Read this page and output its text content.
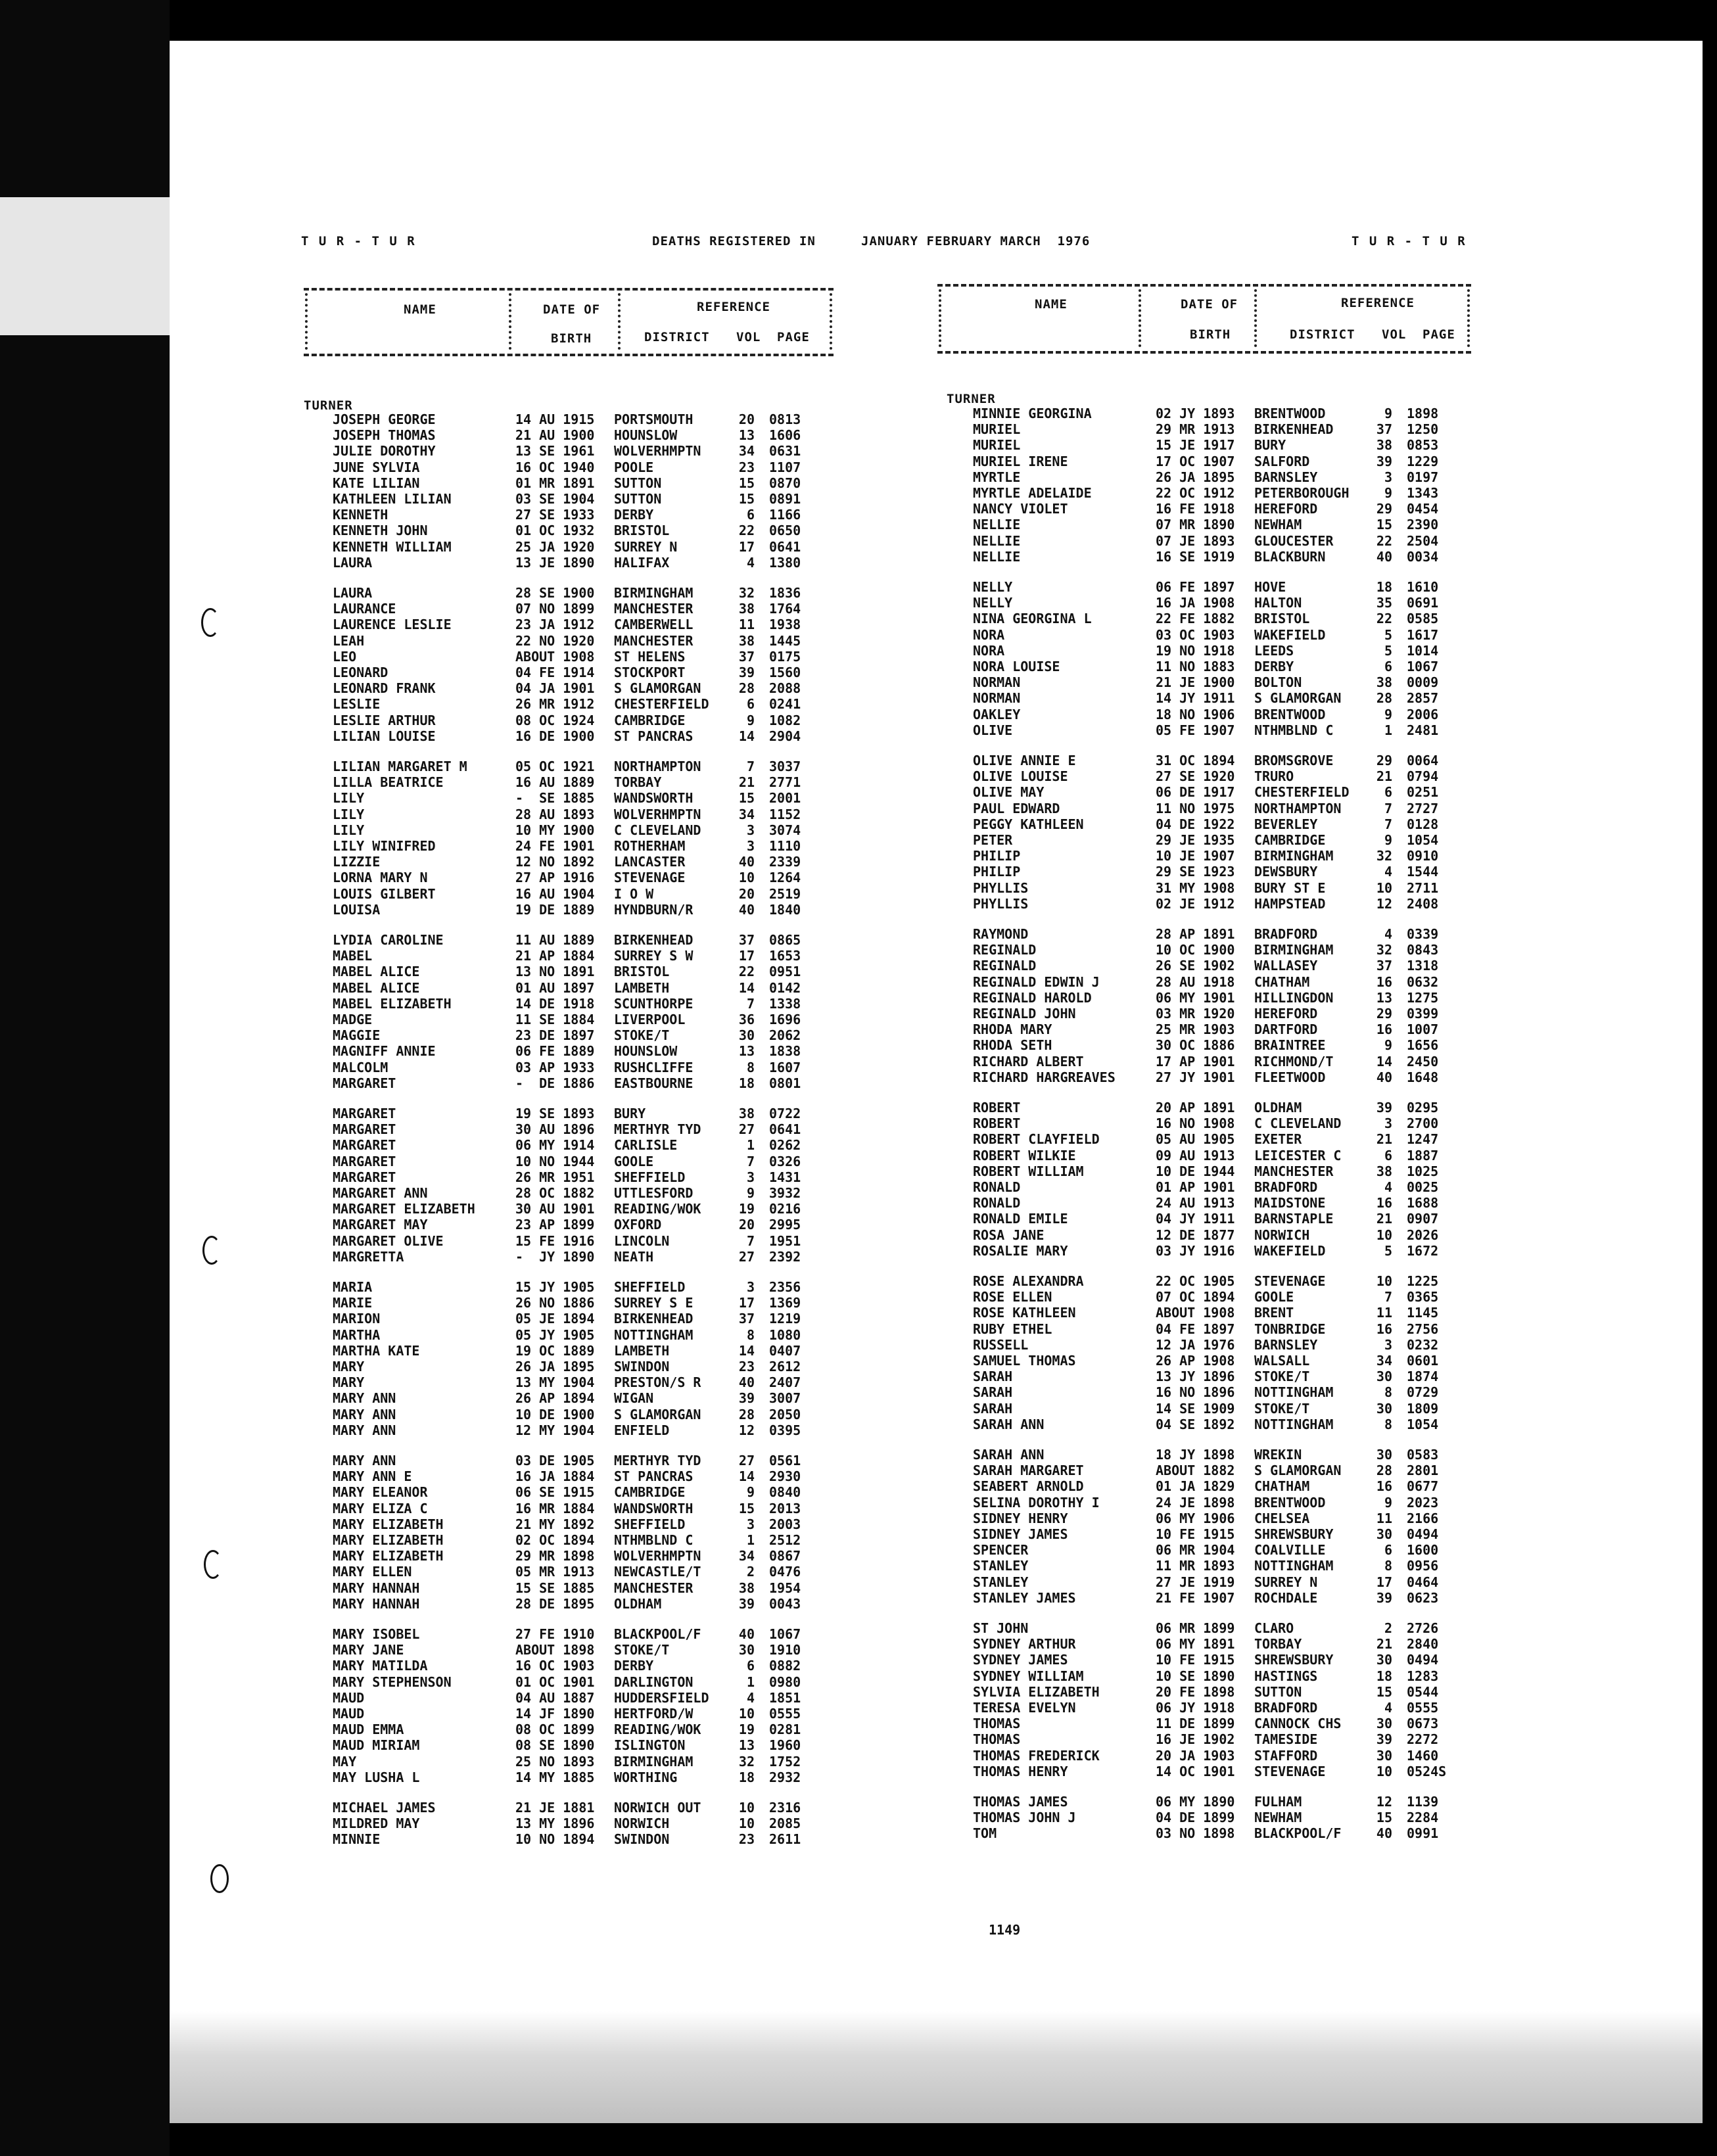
T U R - T U R	DEATHS REGISTERED IN	JANUARY FEBRUARY MARCH  1976	T U R - T U R
NAME	DATE OF
BIRTH
REFERENCE
DISTRICT VOL PAGE
NAME	DATE OF
BIRTH
REFERENCE
DISTRICT VOL PAGE
TURNER	TURNER
JOSEPH GEORGE	14 AU 1915 PORTSMOUTH	20 0813
JOSEPH THOMAS	21 AU 1900 HOUNSLOW	13 1606
JULIE DOROTHY	13 SE 1961 WOLVERHMPTN	34 0631
JUNE SYLVIA	16 OC 1940 POOLE	23 1107
KATE LILIAN	01 MR 1891 SUTTON	15 0870
KATHLEEN LILIAN	03 SE 1904 SUTTON	15 0891
KENNETH	27 SE 1933 DERBY	6 1166
KENNETH JOHN	01 OC 1932 BRISTOL	22 0650
KENNETH WILLIAM	25 JA 1920 SURREY N	17 0641
LAURA	13 JE 1890 HALIFAX	4 1380
LAURA	28 SE 1900 BIRMINGHAM	32 1836
LAURANCE	07 NO 1899 MANCHESTER	38 1764
LAURENCE LESLIE	23 JA 1912 CAMBERWELL	11 1938
LEAH	22 NO 1920 MANCHESTER	38 1445
LEO	ABOUT 1908 ST HELENS	37 0175
LEONARD	04 FE 1914 STOCKPORT	39 1560
LEONARD FRANK	04 JA 1901 S GLAMORGAN	28 2088
LESLIE	26 MR 1912 CHESTERFIELD	6 0241
LESLIE ARTHUR	08 OC 1924 CAMBRIDGE	9 1082
LILIAN LOUISE	16 DE 1900 ST PANCRAS	14 2904
LILIAN MARGARET M	05 OC 1921 NORTHAMPTON	7 3037
LILLA BEATRICE	16 AU 1889 TORBAY	21 2771
LILY	-  SE 1885 WANDSWORTH	15 2001
LILY	28 AU 1893 WOLVERHMPTN	34 1152
LILY	10 MY 1900 C CLEVELAND	3 3074
LILY WINIFRED	24 FE 1901 ROTHERHAM	3 1110
LIZZIE	12 NO 1892 LANCASTER	40 2339
LORNA MARY N	27 AP 1916 STEVENAGE	10 1264
LOUIS GILBERT	16 AU 1904 I O W	20 2519
LOUISA	19 DE 1889 HYNDBURN/R	40 1840
LYDIA CAROLINE	11 AU 1889 BIRKENHEAD	37 0865
MABEL	21 AP 1884 SURREY S W	17 1653
MABEL ALICE	13 NO 1891 BRISTOL	22 0951
MABEL ALICE	01 AU 1897 LAMBETH	14 0142
MABEL ELIZABETH	14 DE 1918 SCUNTHORPE	7 1338
MADGE	11 SE 1884 LIVERPOOL	36 1696
MAGGIE	23 DE 1897 STOKE/T	30 2062
MAGNIFF ANNIE	06 FE 1889 HOUNSLOW	13 1838
MALCOLM	03 AP 1933 RUSHCLIFFE	8 1607
MARGARET	-  DE 1886 EASTBOURNE	18 0801
MARGARET	19 SE 1893 BURY	38 0722
MARGARET	30 AU 1896 MERTHYR TYD	27 0641
MARGARET	06 MY 1914 CARLISLE	1 0262
MARGARET	10 NO 1944 GOOLE	7 0326
MARGARET	26 MR 1951 SHEFFIELD	3 1431
MARGARET ANN	28 OC 1882 UTTLESFORD	9 3932
MARGARET ELIZABETH	30 AU 1901 READING/WOK	19 0216
MARGARET MAY	23 AP 1899 OXFORD	20 2995
MARGARET OLIVE	15 FE 1916 LINCOLN	7 1951
MARGRETTA	-  JY 1890 NEATH	27 2392
MARIA	15 JY 1905 SHEFFIELD	3 2356
MARIE	26 NO 1886 SURREY S E	17 1369
MARION	05 JE 1894 BIRKENHEAD	37 1219
MARTHA	05 JY 1905 NOTTINGHAM	8 1080
MARTHA KATE	19 OC 1889 LAMBETH	14 0407
MARY	26 JA 1895 SWINDON	23 2612
MARY	13 MY 1904 PRESTON/S R	40 2407
MARY ANN	26 AP 1894 WIGAN	39 3007
MARY ANN	10 DE 1900 S GLAMORGAN	28 2050
MARY ANN	12 MY 1904 ENFIELD	12 0395
MARY ANN	03 DE 1905 MERTHYR TYD	27 0561
MARY ANN E	16 JA 1884 ST PANCRAS	14 2930
MARY ELEANOR	06 SE 1915 CAMBRIDGE	9 0840
MARY ELIZA C	16 MR 1884 WANDSWORTH	15 2013
MARY ELIZABETH	21 MY 1892 SHEFFIELD	3 2003
MARY ELIZABETH	02 OC 1894 NTHMBLND C	1 2512
MARY ELIZABETH	29 MR 1898 WOLVERHMPTN	34 0867
MARY ELLEN	05 MR 1913 NEWCASTLE/T	2 0476
MARY HANNAH	15 SE 1885 MANCHESTER	38 1954
MARY HANNAH	28 DE 1895 OLDHAM	39 0043
MARY ISOBEL	27 FE 1910 BLACKPOOL/F	40 1067
MARY JANE	ABOUT 1898 STOKE/T	30 1910
MARY MATILDA	16 OC 1903 DERBY	6 0882
MARY STEPHENSON	01 OC 1901 DARLINGTON	1 0980
MAUD	04 AU 1887 HUDDERSFIELD	4 1851
MAUD	14 JF 1890 HERTFORD/W	10 0555
MAUD EMMA	08 OC 1899 READING/WOK	19 0281
MAUD MIRIAM	08 SE 1890 ISLINGTON	13 1960
MAY	25 NO 1893 BIRMINGHAM	32 1752
MAY LUSHA L	14 MY 1885 WORTHING	18 2932
MICHAEL JAMES	21 JE 1881 NORWICH OUT	10 2316
MILDRED MAY	13 MY 1896 NORWICH	10 2085
MINNIE	10 NO 1894 SWINDON	23 2611
MINNIE GEORGINA	02 JY 1893 BRENTWOOD	9 1898
MURIEL	29 MR 1913 BIRKENHEAD	37 1250
MURIEL	15 JE 1917 BURY	38 0853
MURIEL IRENE	17 OC 1907 SALFORD	39 1229
MYRTLE	26 JA 1895 BARNSLEY	3 0197
MYRTLE ADELAIDE	22 OC 1912 PETERBOROUGH	9 1343
NANCY VIOLET	16 FE 1918 HEREFORD	29 0454
NELLIE	07 MR 1890 NEWHAM	15 2390
NELLIE	07 JE 1893 GLOUCESTER	22 2504
NELLIE	16 SE 1919 BLACKBURN	40 0034
NELLY	06 FE 1897 HOVE	18 1610
NELLY	16 JA 1908 HALTON	35 0691
NINA GEORGINA L	22 FE 1882 BRISTOL	22 0585
NORA	03 OC 1903 WAKEFIELD	5 1617
NORA	19 NO 1918 LEEDS	5 1014
NORA LOUISE	11 NO 1883 DERBY	6 1067
NORMAN	21 JE 1900 BOLTON	38 0009
NORMAN	14 JY 1911 S GLAMORGAN	28 2857
OAKLEY	18 NO 1906 BRENTWOOD	9 2006
OLIVE	05 FE 1907 NTHMBLND C	1 2481
OLIVE ANNIE E	31 OC 1894 BROMSGROVE	29 0064
OLIVE LOUISE	27 SE 1920 TRURO	21 0794
OLIVE MAY	06 DE 1917 CHESTERFIELD	6 0251
PAUL EDWARD	11 NO 1975 NORTHAMPTON	7 2727
PEGGY KATHLEEN	04 DE 1922 BEVERLEY	7 0128
PETER	29 JE 1935 CAMBRIDGE	9 1054
PHILIP	10 JE 1907 BIRMINGHAM	32 0910
PHILIP	29 SE 1923 DEWSBURY	4 1544
PHYLLIS	31 MY 1908 BURY ST E	10 2711
PHYLLIS	02 JE 1912 HAMPSTEAD	12 2408
RAYMOND	28 AP 1891 BRADFORD	4 0339
REGINALD	10 OC 1900 BIRMINGHAM	32 0843
REGINALD	26 SE 1902 WALLASEY	37 1318
REGINALD EDWIN J	28 AU 1918 CHATHAM	16 0632
REGINALD HAROLD	06 MY 1901 HILLINGDON	13 1275
REGINALD JOHN	03 MR 1920 HEREFORD	29 0399
RHODA MARY	25 MR 1903 DARTFORD	16 1007
RHODA SETH	30 OC 1886 BRAINTREE	9 1656
RICHARD ALBERT	17 AP 1901 RICHMOND/T	14 2450
RICHARD HARGREAVES	27 JY 1901 FLEETWOOD	40 1648
ROBERT	20 AP 1891 OLDHAM	39 0295
ROBERT	16 NO 1908 C CLEVELAND	3 2700
ROBERT CLAYFIELD	05 AU 1905 EXETER	21 1247
ROBERT WILKIE	09 AU 1913 LEICESTER C	6 1887
ROBERT WILLIAM	10 DE 1944 MANCHESTER	38 1025
RONALD	01 AP 1901 BRADFORD	4 0025
RONALD	24 AU 1913 MAIDSTONE	16 1688
RONALD EMILE	04 JY 1911 BARNSTAPLE	21 0907
ROSA JANE	12 DE 1877 NORWICH	10 2026
ROSALIE MARY	03 JY 1916 WAKEFIELD	5 1672
ROSE ALEXANDRA	22 OC 1905 STEVENAGE	10 1225
ROSE ELLEN	07 OC 1894 GOOLE	7 0365
ROSE KATHLEEN	ABOUT 1908 BRENT	11 1145
RUBY ETHEL	04 FE 1897 TONBRIDGE	16 2756
RUSSELL	12 JA 1976 BARNSLEY	3 0232
SAMUEL THOMAS	26 AP 1908 WALSALL	34 0601
SARAH	13 JY 1896 STOKE/T	30 1874
SARAH	16 NO 1896 NOTTINGHAM	8 0729
SARAH	14 SE 1909 STOKE/T	30 1809
SARAH ANN	04 SE 1892 NOTTINGHAM	8 1054
SARAH ANN	18 JY 1898 WREKIN	30 0583
SARAH MARGARET	ABOUT 1882 S GLAMORGAN	28 2801
SEABERT ARNOLD	01 JA 1829 CHATHAM	16 0677
SELINA DOROTHY I	24 JE 1898 BRENTWOOD	9 2023
SIDNEY HENRY	06 MY 1906 CHELSEA	11 2166
SIDNEY JAMES	10 FE 1915 SHREWSBURY	30 0494
SPENCER	06 MR 1904 COALVILLE	6 1600
STANLEY	11 MR 1893 NOTTINGHAM	8 0956
STANLEY	27 JE 1919 SURREY N	17 0464
STANLEY JAMES	21 FE 1907 ROCHDALE	39 0623
ST JOHN	06 MR 1899 CLARO	2 2726
SYDNEY ARTHUR	06 MY 1891 TORBAY	21 2840
SYDNEY JAMES	10 FE 1915 SHREWSBURY	30 0494
SYDNEY WILLIAM	10 SE 1890 HASTINGS	18 1283
SYLVIA ELIZABETH	20 FE 1898 SUTTON	15 0544
TERESA EVELYN	06 JY 1918 BRADFORD	4 0555
THOMAS	11 DE 1899 CANNOCK CHS	30 0673
THOMAS	16 JE 1902 TAMESIDE	39 2272
THOMAS FREDERICK	20 JA 1903 STAFFORD	30 1460
THOMAS HENRY	14 OC 1901 STEVENAGE	10 0524S
THOMAS JAMES	06 MY 1890 FULHAM	12 1139
THOMAS JOHN J	04 DE 1899 NEWHAM	15 2284
TOM	03 NO 1898 BLACKPOOL/F	40 0991
1149
